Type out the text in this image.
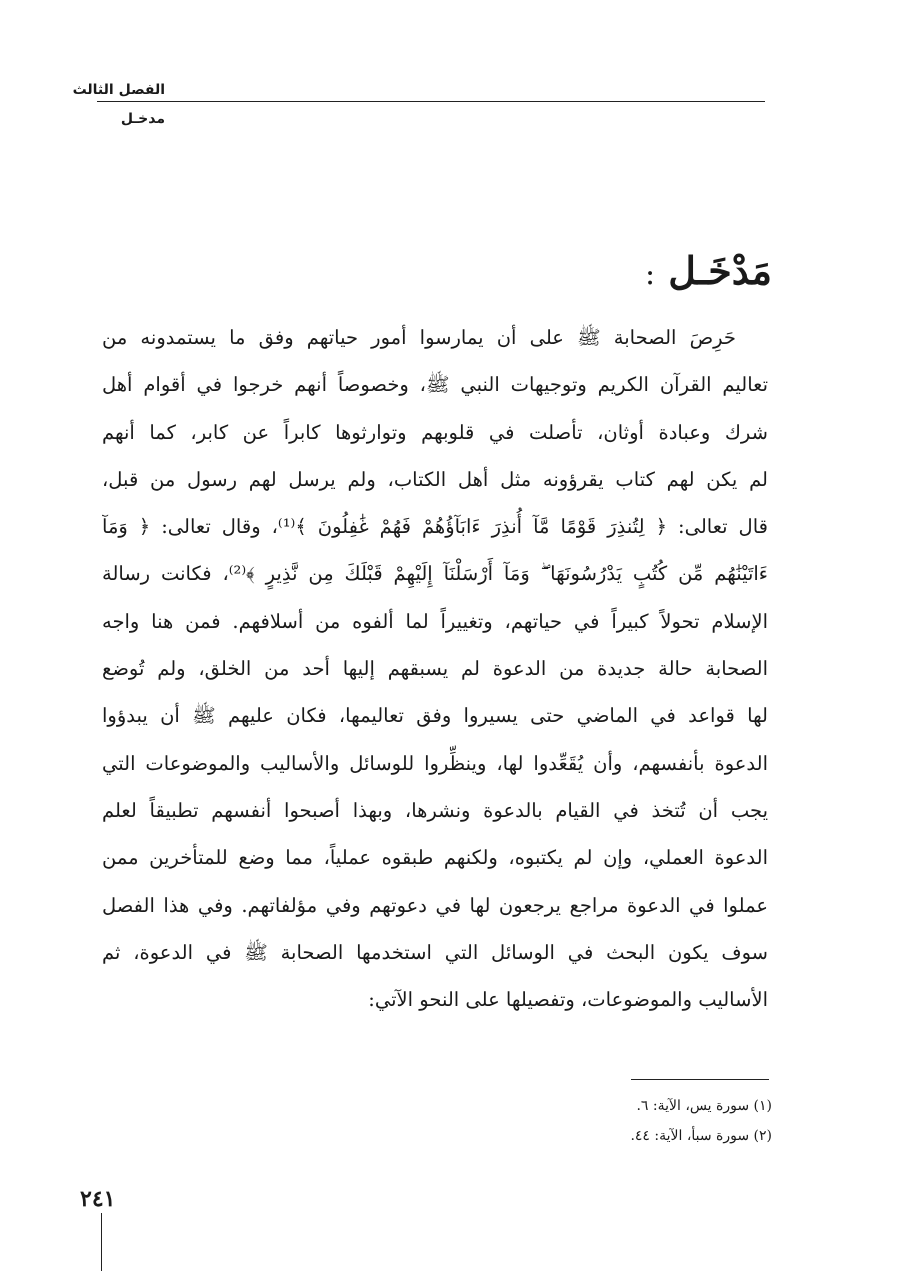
الفصل الثالث
مدخـل
مَدْخَـل :
حَرِصَ الصحابة ﷺ على أن يمارسوا أمور حياتهم وفق ما يستمدونه من
تعاليم القرآن الكريم وتوجيهات النبي ﷺ، وخصوصاً أنهم خرجوا في أقوام أهل
شرك وعبادة أوثان، تأصلت في قلوبهم وتوارثوها كابراً عن كابر، كما أنهم
لم يكن لهم كتاب يقرؤونه مثل أهل الكتاب، ولم يرسل لهم رسول من قبل،
قال تعالى: ﴿ لِتُنذِرَ قَوْمًا مَّآ أُنذِرَ ءَابَآؤُهُمْ فَهُمْ غَٰفِلُونَ ﴾⁽¹⁾، وقال تعالى: ﴿ وَمَآ
ءَاتَيْنَٰهُم مِّن كُتُبٍ يَدْرُسُونَهَا ۖ وَمَآ أَرْسَلْنَآ إِلَيْهِمْ قَبْلَكَ مِن نَّذِيرٍ ﴾⁽²⁾، فكانت رسالة
الإسلام تحولاً كبيراً في حياتهم، وتغييراً لما ألفوه من أسلافهم. فمن هنا واجه
الصحابة حالة جديدة من الدعوة لم يسبقهم إليها أحد من الخلق، ولم تُوضع
لها قواعد في الماضي حتى يسيروا وفق تعاليمها، فكان عليهم ﷺ أن يبدؤوا
الدعوة بأنفسهم، وأن يُقَعِّدوا لها، وينظِّروا للوسائل والأساليب والموضوعات التي
يجب أن تُتخذ في القيام بالدعوة ونشرها، وبهذا أصبحوا أنفسهم تطبيقاً لعلم
الدعوة العملي، وإن لم يكتبوه، ولكنهم طبقوه عملياً، مما وضع للمتأخرين ممن
عملوا في الدعوة مراجع يرجعون لها في دعوتهم وفي مؤلفاتهم. وفي هذا الفصل
سوف يكون البحث في الوسائل التي استخدمها الصحابة ﷺ في الدعوة، ثم
الأساليب والموضوعات، وتفصيلها على النحو الآتي:
(١) سورة يس، الآية: ٦.
(٢) سورة سبأ، الآية: ٤٤.
٢٤١
